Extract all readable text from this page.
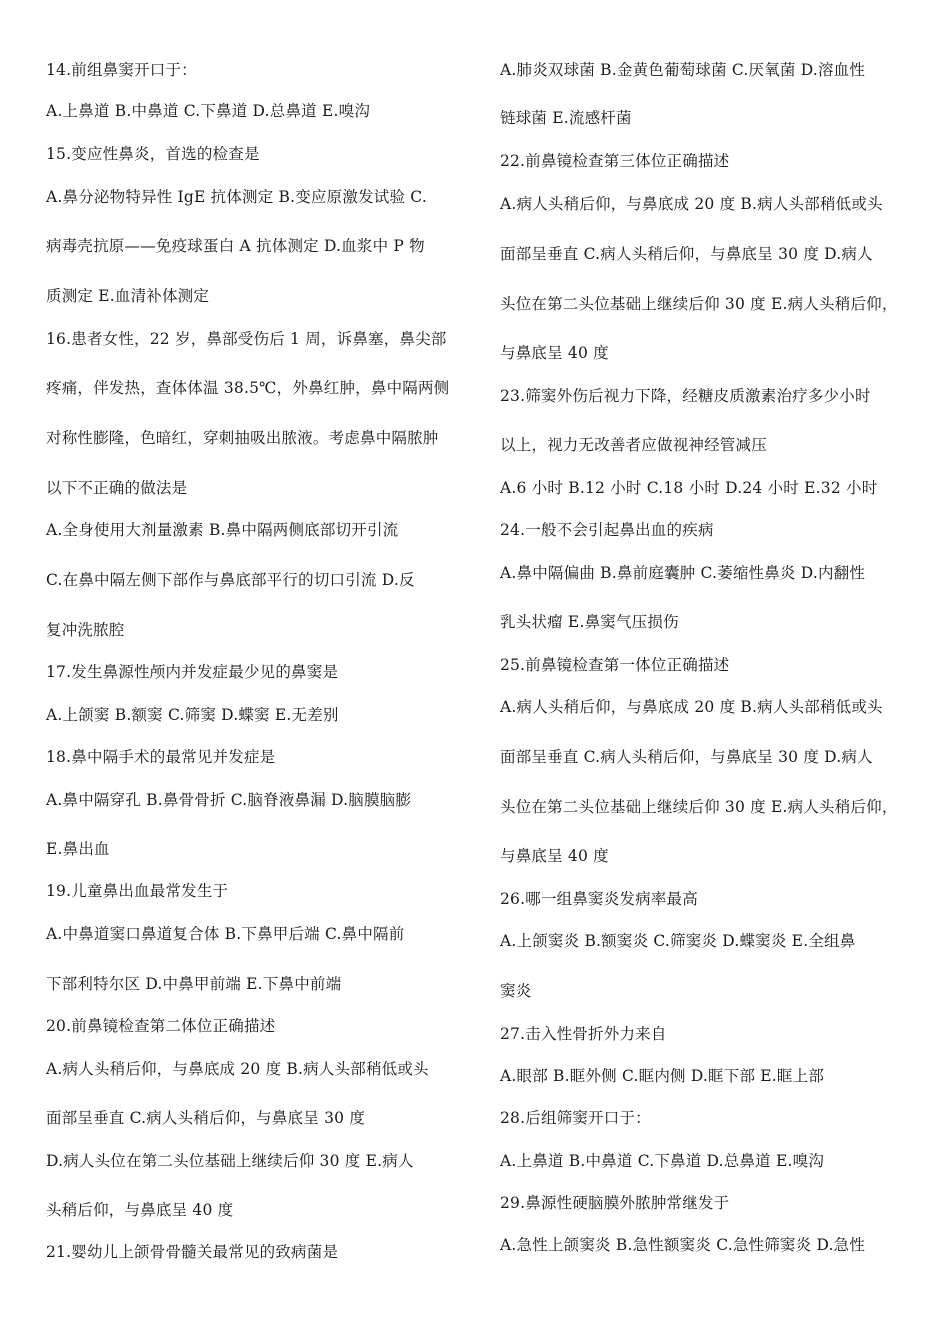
14.前组鼻窦开口于：
A.上鼻道 B.中鼻道 C.下鼻道 D.总鼻道 E.嗅沟
15.变应性鼻炎，首选的检查是
A.鼻分泌物特异性 IgE 抗体测定 B.变应原激发试验 C.
病毒壳抗原——免疫球蛋白 A 抗体测定 D.血浆中 P 物
质测定 E.血清补体测定
16.患者女性，22 岁，鼻部受伤后 1 周，诉鼻塞，鼻尖部
疼痛，伴发热，查体体温 38.5℃，外鼻红肿，鼻中隔两侧
对称性膨隆，色暗红，穿刺抽吸出脓液。考虑鼻中隔脓肿
以下不正确的做法是
A.全身使用大剂量激素 B.鼻中隔两侧底部切开引流
C.在鼻中隔左侧下部作与鼻底部平行的切口引流 D.反
复冲洗脓腔
17.发生鼻源性颅内并发症最少见的鼻窦是
A.上颌窦 B.额窦 C.筛窦 D.蝶窦 E.无差别
18.鼻中隔手术的最常见并发症是
A.鼻中隔穿孔 B.鼻骨骨折 C.脑脊液鼻漏 D.脑膜脑膨
E.鼻出血
19.儿童鼻出血最常发生于
A.中鼻道窦口鼻道复合体 B.下鼻甲后端 C.鼻中隔前
下部利特尔区 D.中鼻甲前端 E.下鼻中前端
20.前鼻镜检查第二体位正确描述
A.病人头稍后仰，与鼻底成 20 度 B.病人头部稍低或头
面部呈垂直 C.病人头稍后仰，与鼻底呈 30 度
D.病人头位在第二头位基础上继续后仰 30 度 E.病人
头稍后仰，与鼻底呈 40 度
21.婴幼儿上颌骨骨髓关最常见的致病菌是
A.肺炎双球菌 B.金黄色葡萄球菌 C.厌氧菌 D.溶血性
链球菌 E.流感杆菌
22.前鼻镜检查第三体位正确描述
A.病人头稍后仰，与鼻底成 20 度 B.病人头部稍低或头
面部呈垂直 C.病人头稍后仰，与鼻底呈 30 度 D.病人
头位在第二头位基础上继续后仰 30 度 E.病人头稍后仰，
与鼻底呈 40 度
23.筛窦外伤后视力下降，经糖皮质激素治疗多少小时
以上，视力无改善者应做视神经管减压
A.6 小时 B.12 小时 C.18 小时 D.24 小时 E.32 小时
24.一般不会引起鼻出血的疾病
A.鼻中隔偏曲 B.鼻前庭囊肿 C.萎缩性鼻炎 D.内翻性
乳头状瘤 E.鼻窦气压损伤
25.前鼻镜检查第一体位正确描述
A.病人头稍后仰，与鼻底成 20 度 B.病人头部稍低或头
面部呈垂直 C.病人头稍后仰，与鼻底呈 30 度 D.病人
头位在第二头位基础上继续后仰 30 度 E.病人头稍后仰，
与鼻底呈 40 度
26.哪一组鼻窦炎发病率最高
A.上颌窦炎 B.额窦炎 C.筛窦炎 D.蝶窦炎 E.全组鼻
窦炎
27.击入性骨折外力来自
A.眼部 B.眶外侧 C.眶内侧 D.眶下部 E.眶上部
28.后组筛窦开口于：
A.上鼻道 B.中鼻道 C.下鼻道 D.总鼻道 E.嗅沟
29.鼻源性硬脑膜外脓肿常继发于
A.急性上颌窦炎 B.急性额窦炎 C.急性筛窦炎 D.急性
